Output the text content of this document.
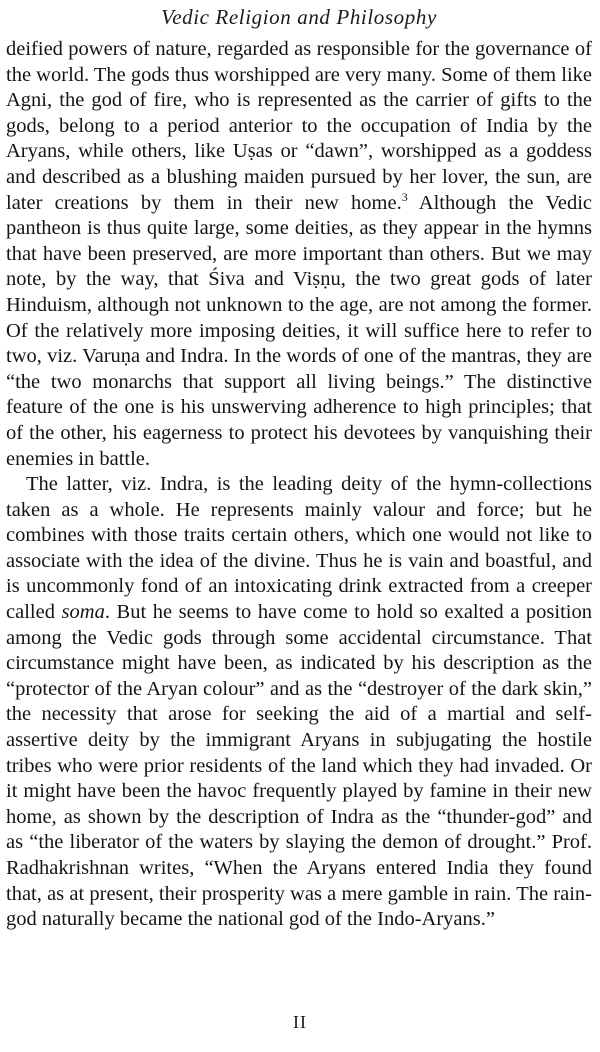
Vedic Religion and Philosophy

deified powers of nature, regarded as responsible for the governance of the world. The gods thus worshipped are very many. Some of them like Agni, the god of fire, who is represented as the carrier of gifts to the gods, belong to a period anterior to the occupation of India by the Aryans, while others, like Uṣas or “dawn”, worshipped as a goddess and described as a blushing maiden pursued by her lover, the sun, are later creations by them in their new home.$^3$ Although the Vedic pantheon is thus quite large, some deities, as they appear in the hymns that have been preserved, are more important than others. But we may note, by the way, that Śiva and Viṣṇu, the two great gods of later Hinduism, although not unknown to the age, are not among the former. Of the relatively more imposing deities, it will suffice here to refer to two, viz. Varuṇa and Indra. In the words of one of the mantras, they are “the two monarchs that support all living beings.” The distinctive feature of the one is his unswerving adherence to high principles; that of the other, his eagerness to protect his devotees by vanquishing their enemies in battle.

The latter, viz. Indra, is the leading deity of the hymn-collections taken as a whole. He represents mainly valour and force; but he combines with those traits certain others, which one would not like to associate with the idea of the divine. Thus he is vain and boastful, and is uncommonly fond of an intoxicating drink extracted from a creeper called soma. But he seems to have come to hold so exalted a position among the Vedic gods through some accidental circumstance. That circumstance might have been, as indicated by his description as the “protector of the Aryan colour” and as the “destroyer of the dark skin,” the necessity that arose for seeking the aid of a martial and self-assertive deity by the immigrant Aryans in subjugating the hostile tribes who were prior residents of the land which they had invaded. Or it might have been the havoc frequently played by famine in their new home, as shown by the description of Indra as the “thunder-god” and as “the liberator of the waters by slaying the demon of drought.” Prof. Radhakrishnan writes, “When the Aryans entered India they found that, as at present, their prosperity was a mere gamble in rain. The rain-god naturally became the national god of the Indo-Aryans.”

II
